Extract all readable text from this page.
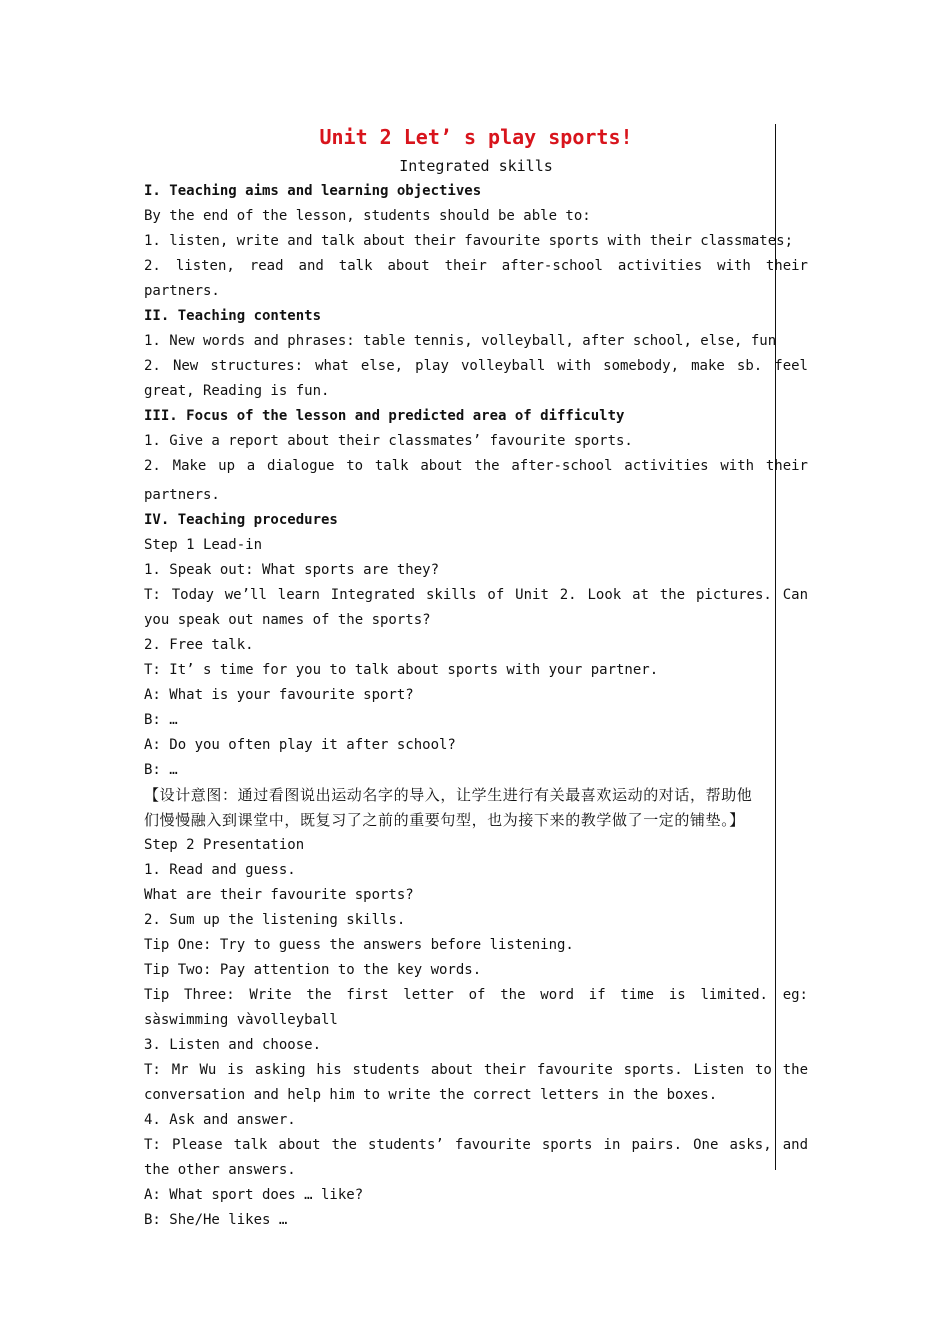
Unit 2 Let’ s play sports!
Integrated skills
I. Teaching aims and learning objectives
By the end of the lesson, students should be able to:
1. listen, write and talk about their favourite sports with their classmates;
2. listen, read and talk about their after-school activities with their
partners.
II. Teaching contents
1. New words and phrases: table tennis, volleyball, after school, else, fun
2. New structures: what else, play volleyball with somebody, make sb. feel
great, Reading is fun.
III. Focus of the lesson and predicted area of difficulty
1. Give a report about their classmates’ favourite sports.
2. Make up a dialogue to talk about the after-school activities with their
partners.
IV. Teaching procedures
Step 1 Lead-in
1. Speak out: What sports are they?
T: Today we’ll learn Integrated skills of Unit 2. Look at the pictures. Can
you speak out names of the sports?
2. Free talk.
T: It’ s time for you to talk about sports with your partner.
A: What is your favourite sport?
B: …
A: Do you often play it after school?
B: …
【设计意图：通过看图说出运动名字的导入，让学生进行有关最喜欢运动的对话，帮助他
们慢慢融入到课堂中，既复习了之前的重要句型，也为接下来的教学做了一定的铺垫。】
Step 2 Presentation
1. Read and guess.
What are their favourite sports?
2. Sum up the listening skills.
Tip One: Try to guess the answers before listening.
Tip Two: Pay attention to the key words.
Tip Three: Write the first letter of the word if time is limited. eg:
sàswimming vàvolleyball
3. Listen and choose.
T: Mr Wu is asking his students about their favourite sports. Listen to the
conversation and help him to write the correct letters in the boxes.
4. Ask and answer.
T: Please talk about the students’ favourite sports in pairs. One asks, and
the other answers.
A: What sport does … like?
B: She/He likes …
